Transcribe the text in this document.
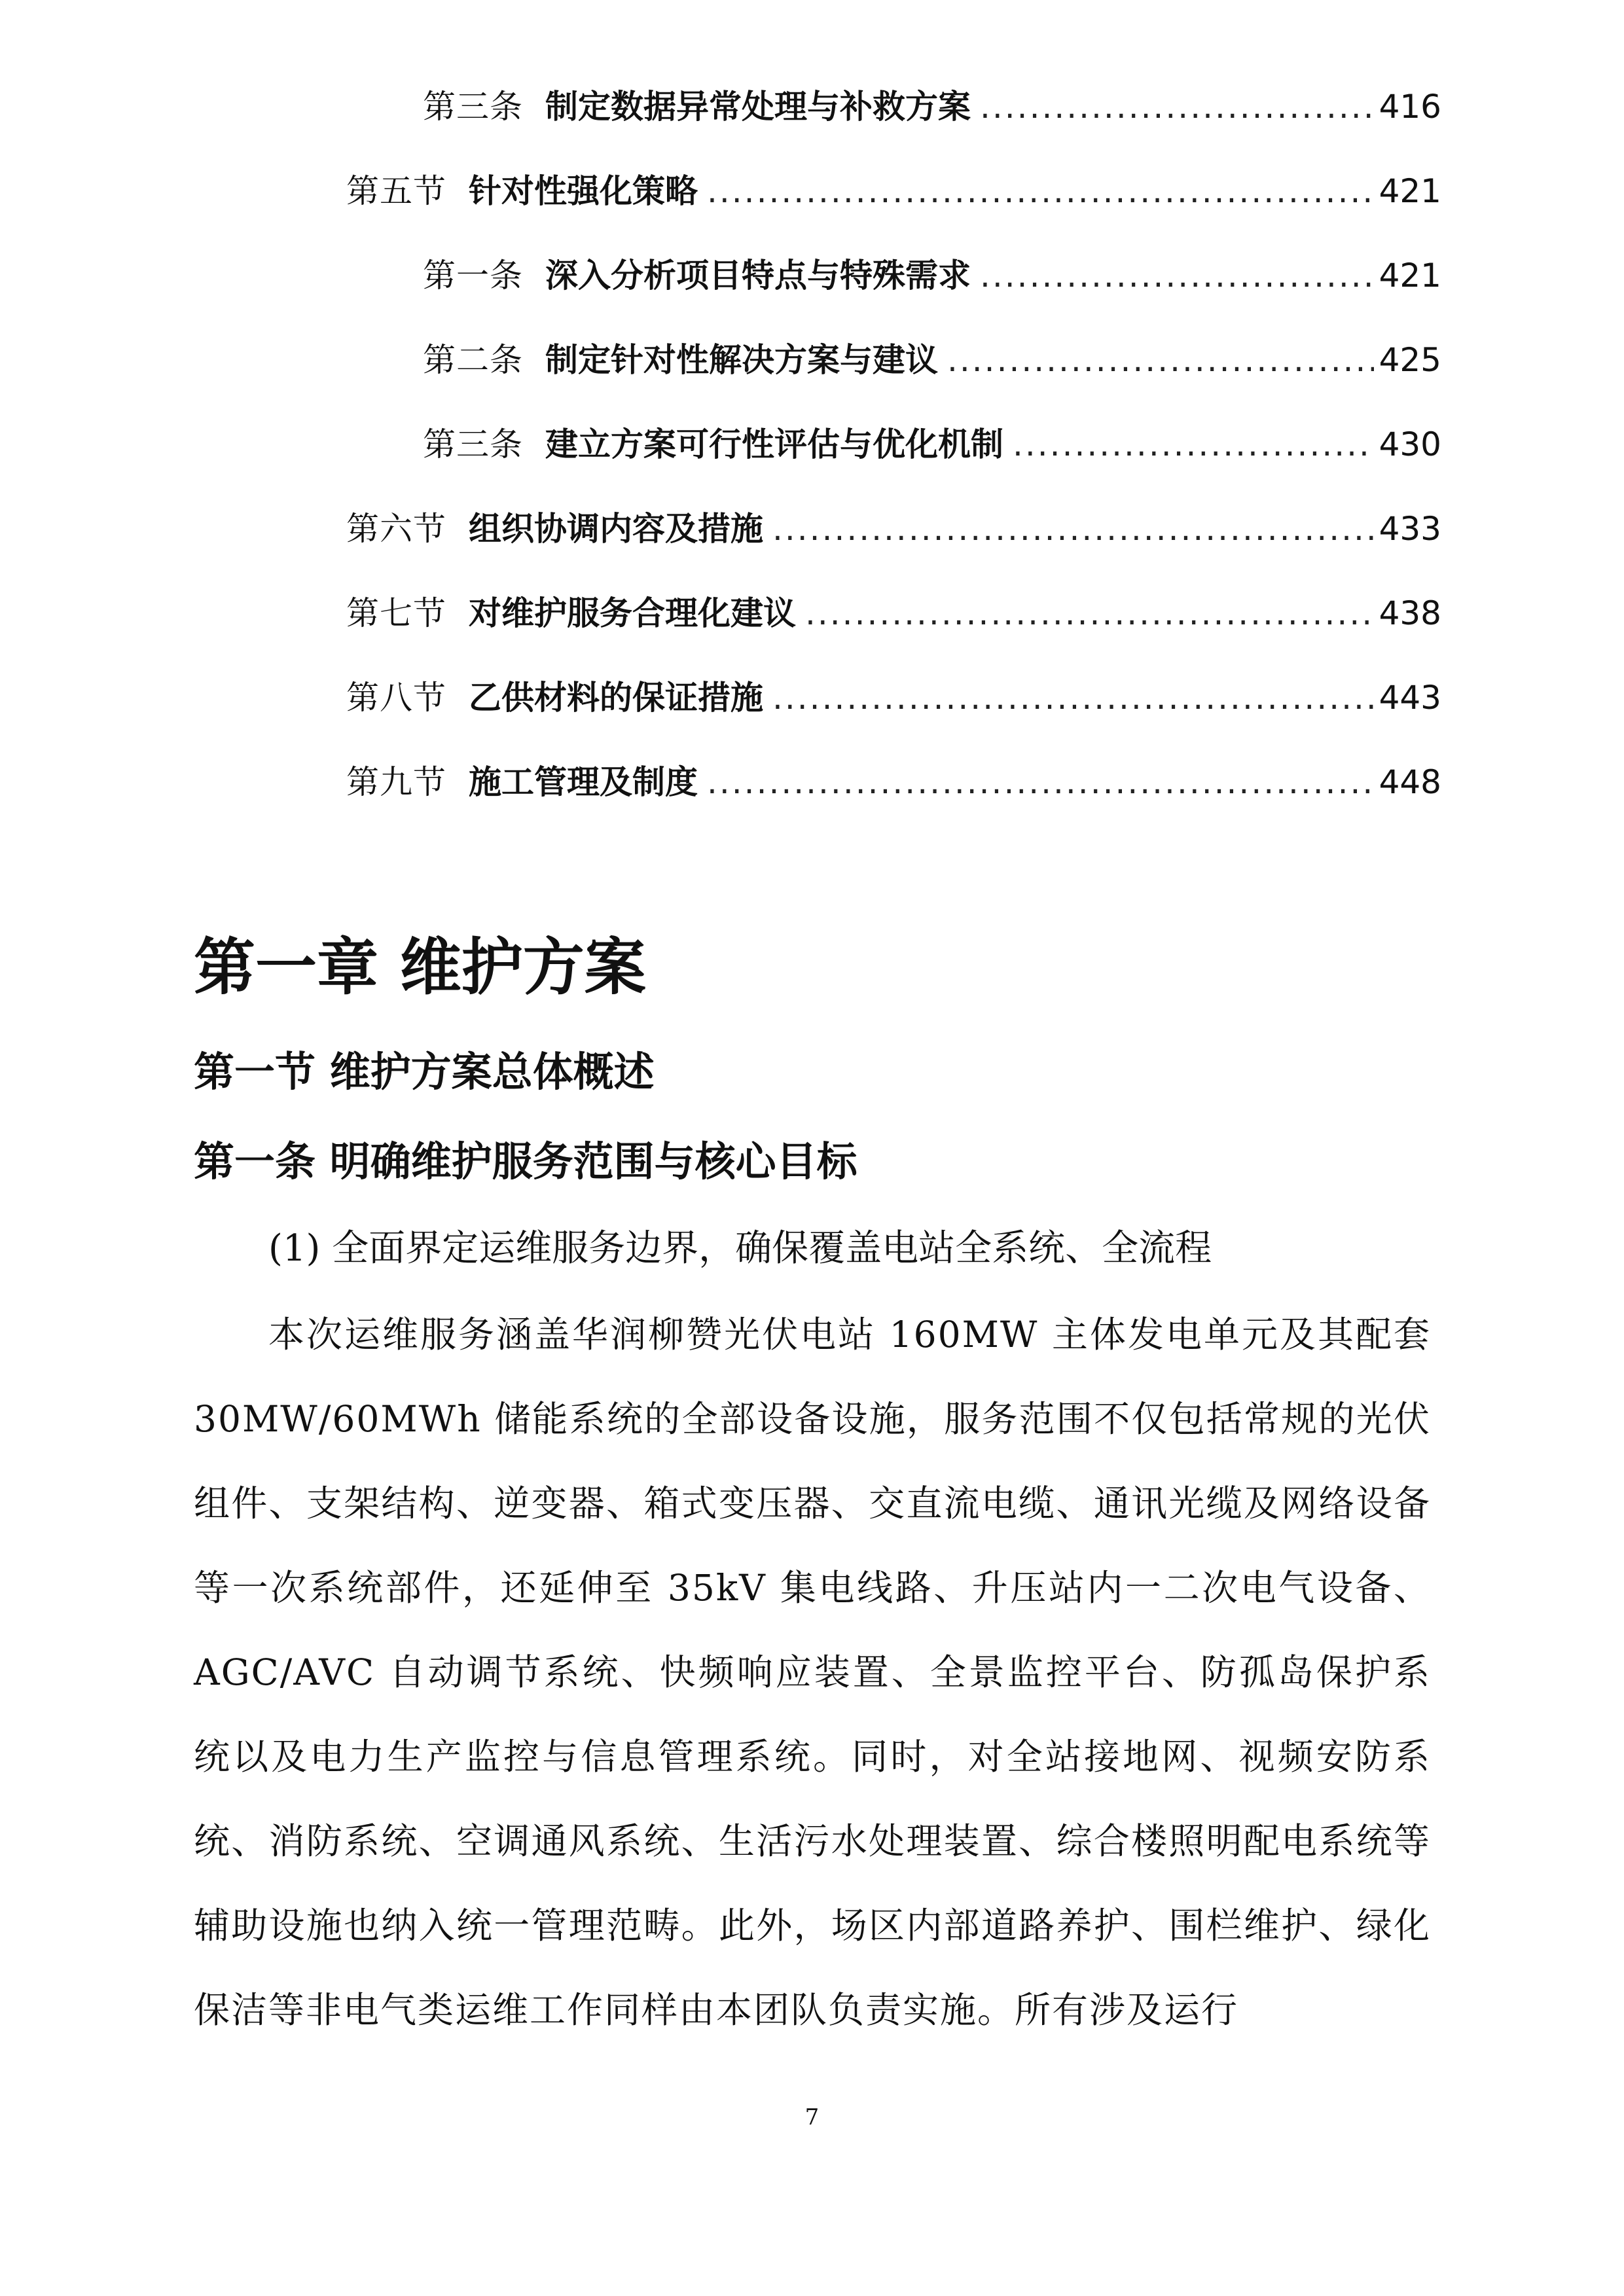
第三条 制定数据异常处理与补救方案 .....	416
第五节 针对性强化策略 .....	421
第一条 深入分析项目特点与特殊需求 .....	421
第二条 制定针对性解决方案与建议 .....	425
第三条 建立方案可行性评估与优化机制 .....	430
第六节 组织协调内容及措施 .....	433
第七节 对维护服务合理化建议 .....	438
第八节 乙供材料的保证措施 .....	443
第九节 施工管理及制度 .....	448
第一章 维护方案
第一节 维护方案总体概述
第一条 明确维护服务范围与核心目标
(1) 全面界定运维服务边界，确保覆盖电站全系统、全流程
本次运维服务涵盖华润柳赞光伏电站 160MW 主体发电单元及其配套 30MW/60MWh 储能系统的全部设备设施，服务范围不仅包括常规的光伏组件、支架结构、逆变器、箱式变压器、交直流电缆、通讯光缆及网络设备等一次系统部件，还延伸至 35kV 集电线路、升压站内一二次电气设备、AGC/AVC 自动调节系统、快频响应装置、全景监控平台、防孤岛保护系统以及电力生产监控与信息管理系统。同时，对全站接地网、视频安防系统、消防系统、空调通风系统、生活污水处理装置、综合楼照明配电系统等辅助设施也纳入统一管理范畴。此外，场区内部道路养护、围栏维护、绿化保洁等非电气类运维工作同样由本团队负责实施。所有涉及运行
7
